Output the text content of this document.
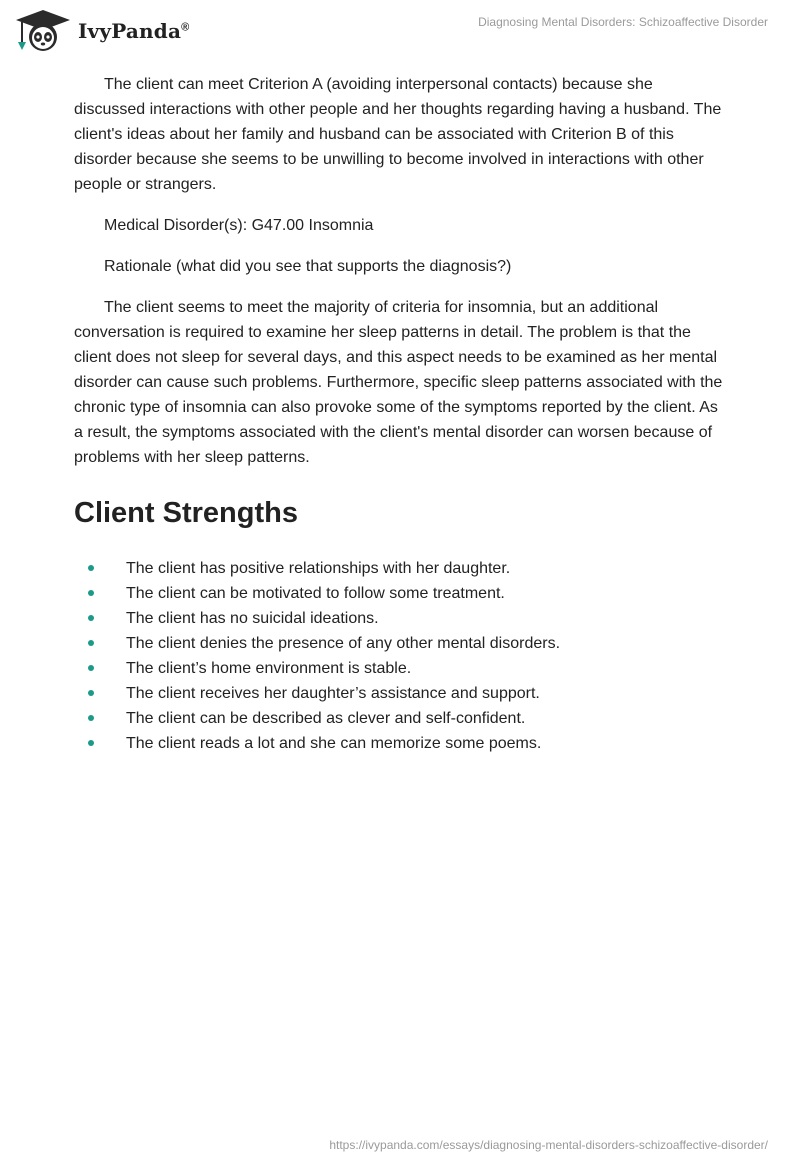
IvyPanda®	Diagnosing Mental Disorders: Schizoaffective Disorder

The client can meet Criterion A (avoiding interpersonal contacts) because she discussed interactions with other people and her thoughts regarding having a husband. The client's ideas about her family and husband can be associated with Criterion B of this disorder because she seems to be unwilling to become involved in interactions with other people or strangers.

Medical Disorder(s): G47.00 Insomnia

Rationale (what did you see that supports the diagnosis?)

The client seems to meet the majority of criteria for insomnia, but an additional conversation is required to examine her sleep patterns in detail. The problem is that the client does not sleep for several days, and this aspect needs to be examined as her mental disorder can cause such problems. Furthermore, specific sleep patterns associated with the chronic type of insomnia can also provoke some of the symptoms reported by the client. As a result, the symptoms associated with the client's mental disorder can worsen because of problems with her sleep patterns.

Client Strengths
The client has positive relationships with her daughter.
The client can be motivated to follow some treatment.
The client has no suicidal ideations.
The client denies the presence of any other mental disorders.
The client’s home environment is stable.
The client receives her daughter’s assistance and support.
The client can be described as clever and self-confident.
The client reads a lot and she can memorize some poems.
https://ivypanda.com/essays/diagnosing-mental-disorders-schizoaffective-disorder/
